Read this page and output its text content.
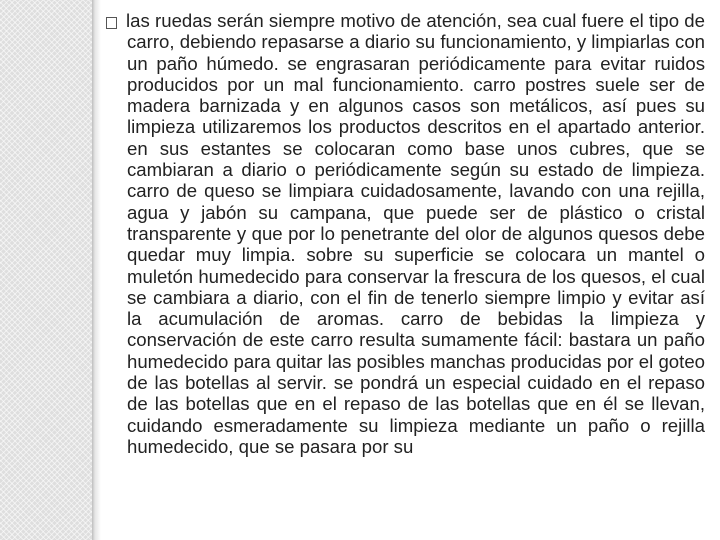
las ruedas serán siempre motivo de atención, sea cual fuere el tipo de carro, debiendo repasarse a diario su funcionamiento, y limpiarlas con un paño húmedo. se engrasaran periódicamente para evitar ruidos producidos por un mal funcionamiento. carro postres suele ser de madera barnizada y en algunos casos son metálicos, así pues su limpieza utilizaremos los productos descritos en el apartado anterior. en sus estantes se colocaran como base unos cubres, que se cambiaran a diario o periódicamente según su estado de limpieza. carro de queso se limpiara cuidadosamente, lavando con una rejilla, agua y jabón su campana, que puede ser de plástico o cristal transparente y que por lo penetrante del olor de algunos quesos debe quedar muy limpia. sobre su superficie se colocara un mantel o muletón humedecido para conservar la frescura de los quesos, el cual se cambiara a diario, con el fin de tenerlo siempre limpio y evitar así la acumulación de aromas. carro de bebidas la limpieza y conservación de este carro resulta sumamente fácil: bastara un paño humedecido para quitar las posibles manchas producidas por el goteo de las botellas al servir. se pondrá un especial cuidado en el repaso de las botellas que en el repaso de las botellas que en él se llevan, cuidando esmeradamente su limpieza mediante un paño o rejilla humedecido, que se pasara por su
